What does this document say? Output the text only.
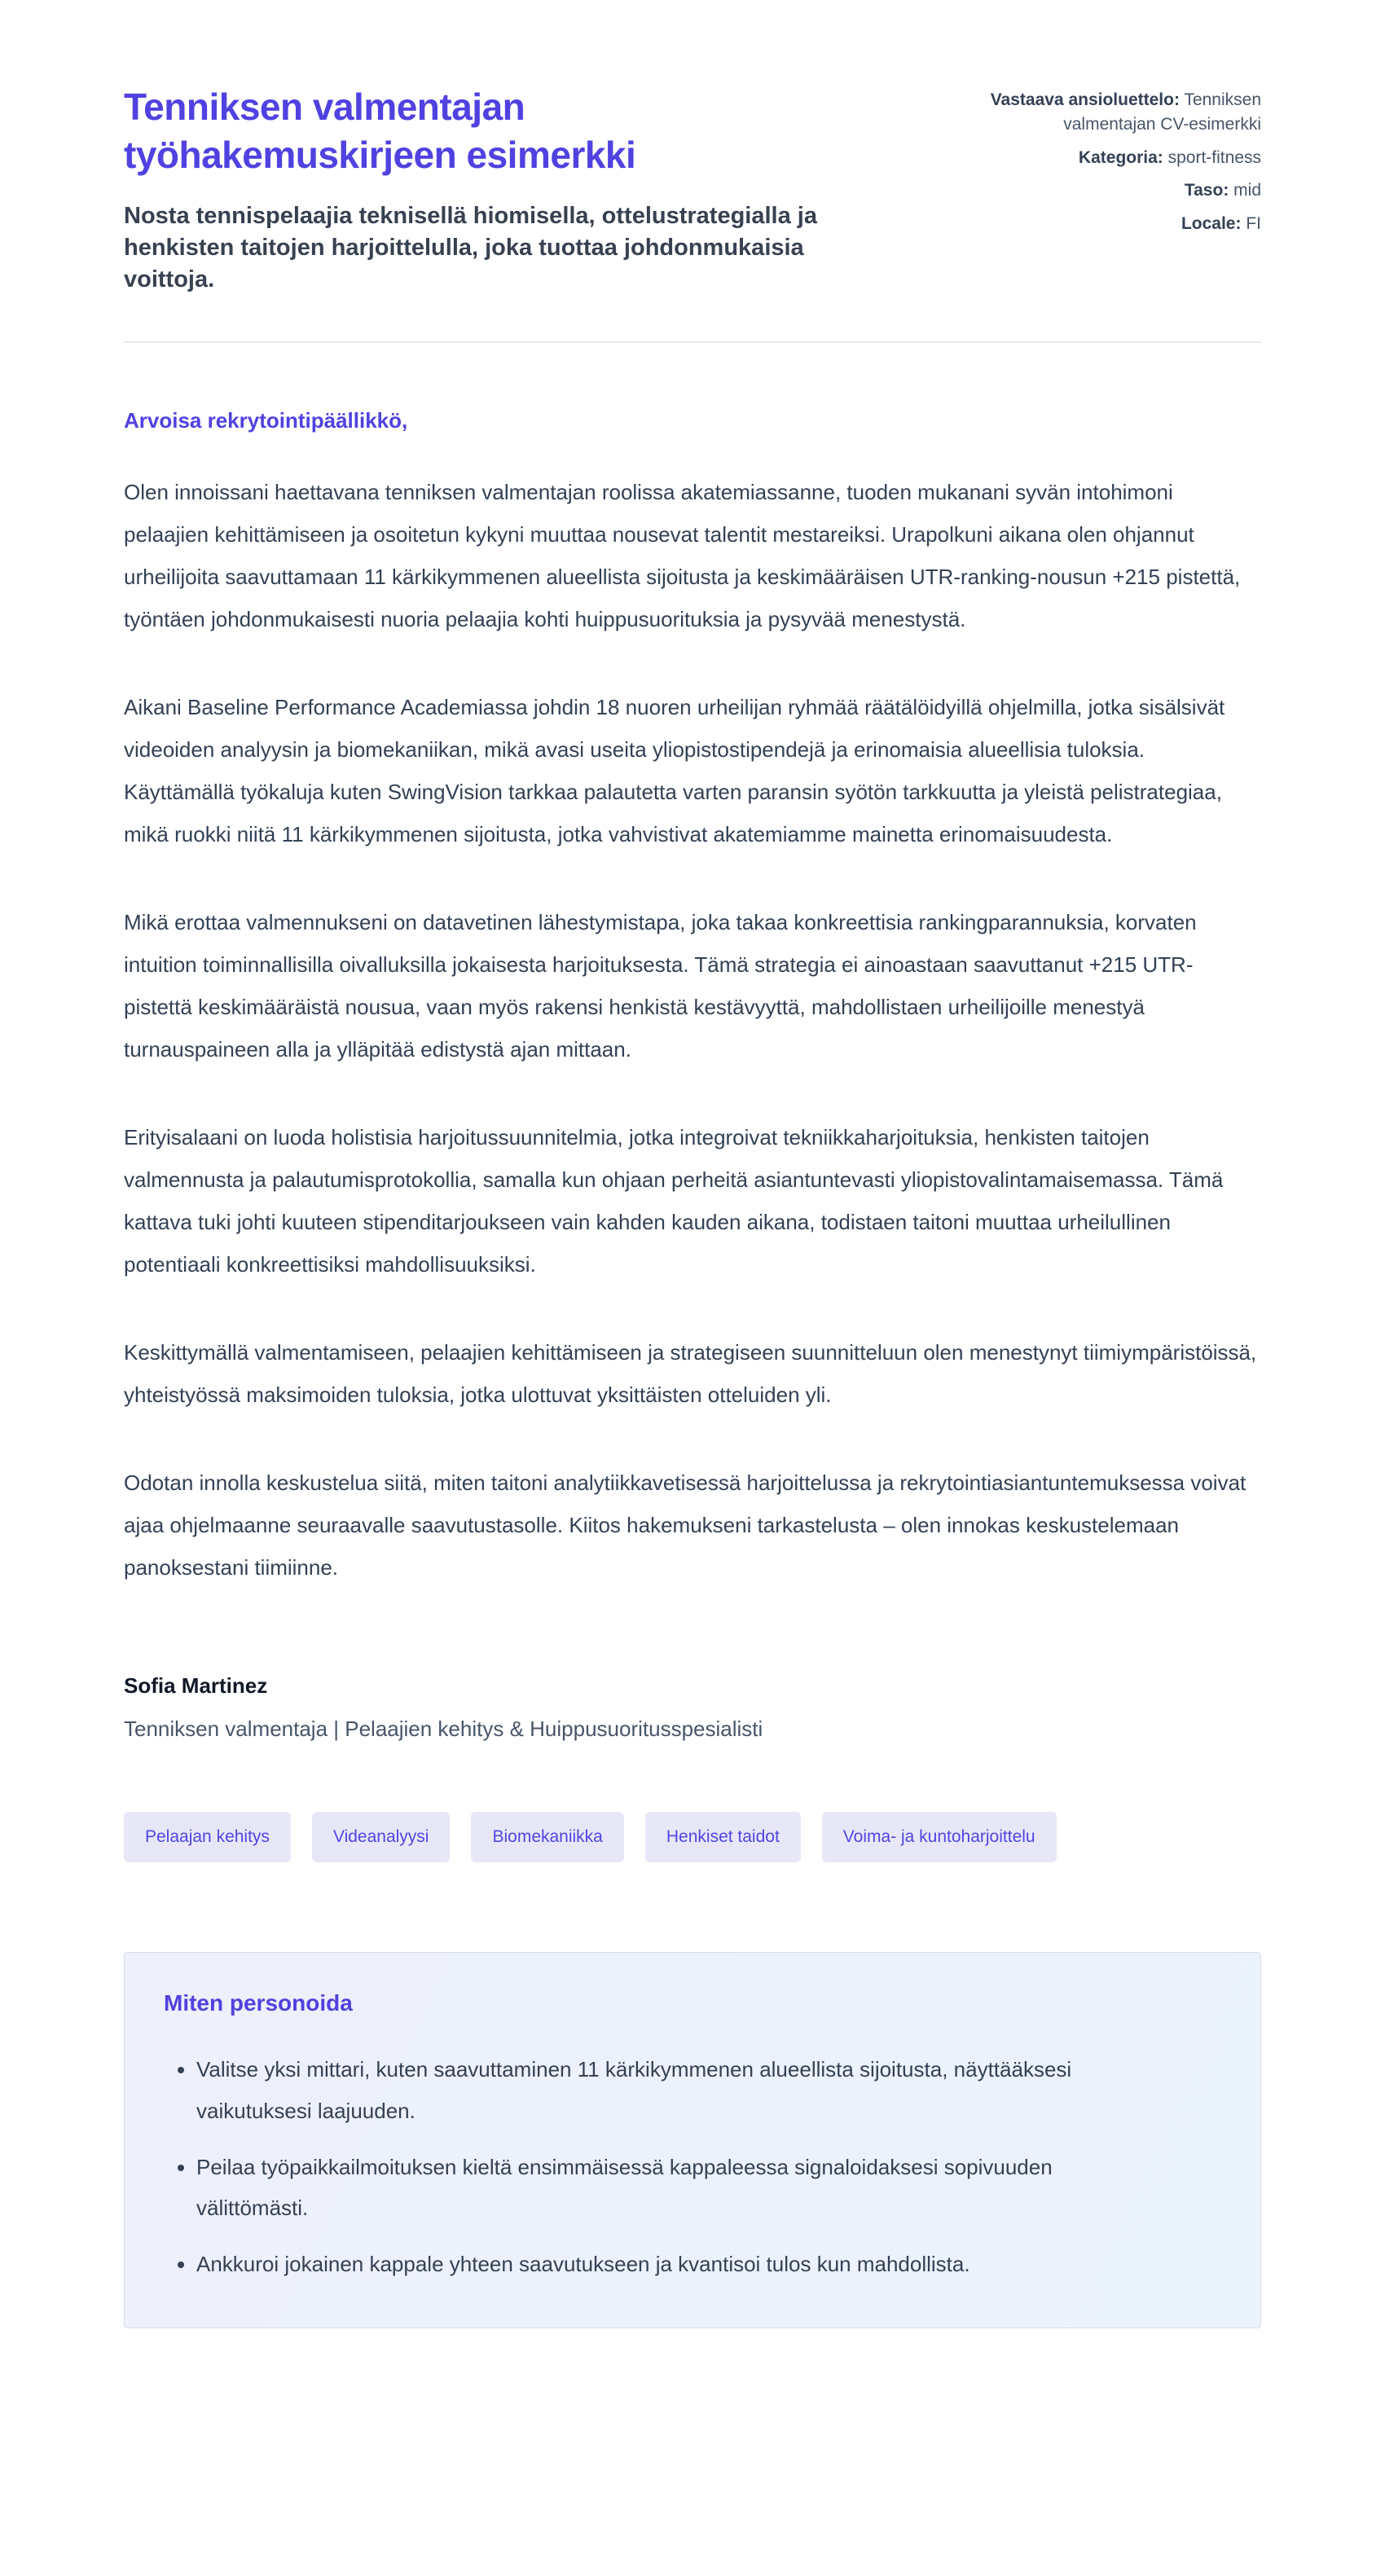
Tenniksen valmentajan työhakemuskirjeen esimerkki

Nosta tennispelaajia teknisellä hiomisella, ottelustrategialla ja henkisten taitojen harjoittelulla, joka tuottaa johdonmukaisia voittoja.

Vastaava ansioluettelo: Tenniksen valmentajan CV-esimerkki
Kategoria: sport-fitness
Taso: mid
Locale: FI

Arvoisa rekrytointipäällikkö,

Olen innoissani haettavana tenniksen valmentajan roolissa akatemiassanne, tuoden mukanani syvän intohimoni pelaajien kehittämiseen ja osoitetun kykyni muuttaa nousevat talentit mestareiksi. Urapolkuni aikana olen ohjannut urheilijoita saavuttamaan 11 kärkikymmenen alueellista sijoitusta ja keskimääräisen UTR-ranking-nousun +215 pistettä, työntäen johdonmukaisesti nuoria pelaajia kohti huippusuorituksia ja pysyvää menestystä.

Aikani Baseline Performance Academiassa johdin 18 nuoren urheilijan ryhmää räätälöidyillä ohjelmilla, jotka sisälsivät videoiden analyysin ja biomekaniikan, mikä avasi useita yliopistostipendejä ja erinomaisia alueellisia tuloksia. Käyttämällä työkaluja kuten SwingVision tarkkaa palautetta varten paransin syötön tarkkuutta ja yleistä pelistrategiaa, mikä ruokki niitä 11 kärkikymmenen sijoitusta, jotka vahvistivat akatemiamme mainetta erinomaisuudesta.

Mikä erottaa valmennukseni on datavetinen lähestymistapa, joka takaa konkreettisia rankingparannuksia, korvaten intuition toiminnallisilla oivalluksilla jokaisesta harjoituksesta. Tämä strategia ei ainoastaan saavuttanut +215 UTR-pistettä keskimääräistä nousua, vaan myös rakensi henkistä kestävyyttä, mahdollistaen urheilijoille menestyä turnauspaineen alla ja ylläpitää edistystä ajan mittaan.

Erityisalaani on luoda holistisia harjoitussuunnitelmia, jotka integroivat tekniikkaharjoituksia, henkisten taitojen valmennusta ja palautumisprotokollia, samalla kun ohjaan perheitä asiantuntevasti yliopistovalintamaisemassa. Tämä kattava tuki johti kuuteen stipenditarjoukseen vain kahden kauden aikana, todistaen taitoni muuttaa urheilullinen potentiaali konkreettisiksi mahdollisuuksiksi.

Keskittymällä valmentamiseen, pelaajien kehittämiseen ja strategiseen suunnitteluun olen menestynyt tiimiympäristöissä, yhteistyössä maksimoiden tuloksia, jotka ulottuvat yksittäisten otteluiden yli.

Odotan innolla keskustelua siitä, miten taitoni analytiikkavetisessä harjoittelussa ja rekrytointiasiantuntemuksessa voivat ajaa ohjelmaanne seuraavalle saavutustasolle. Kiitos hakemukseni tarkastelusta – olen innokas keskustelemaan panoksestani tiimiinne.

Sofia Martinez

Tenniksen valmentaja | Pelaajien kehitys & Huippusuoritusspesialisti

Pelaajan kehitys	Videanalyysi	Biomekaniikka	Henkiset taidot	Voima- ja kuntoharjoittelu
Miten personoida
• Valitse yksi mittari, kuten saavuttaminen 11 kärkikymmenen alueellista sijoitusta, näyttääksesi vaikutuksesi laajuuden.
• Peilaa työpaikkailmoituksen kieltä ensimmäisessä kappaleessa signaloidaksesi sopivuuden välittömästi.
• Ankkuroi jokainen kappale yhteen saavutukseen ja kvantisoi tulos kun mahdollista.
